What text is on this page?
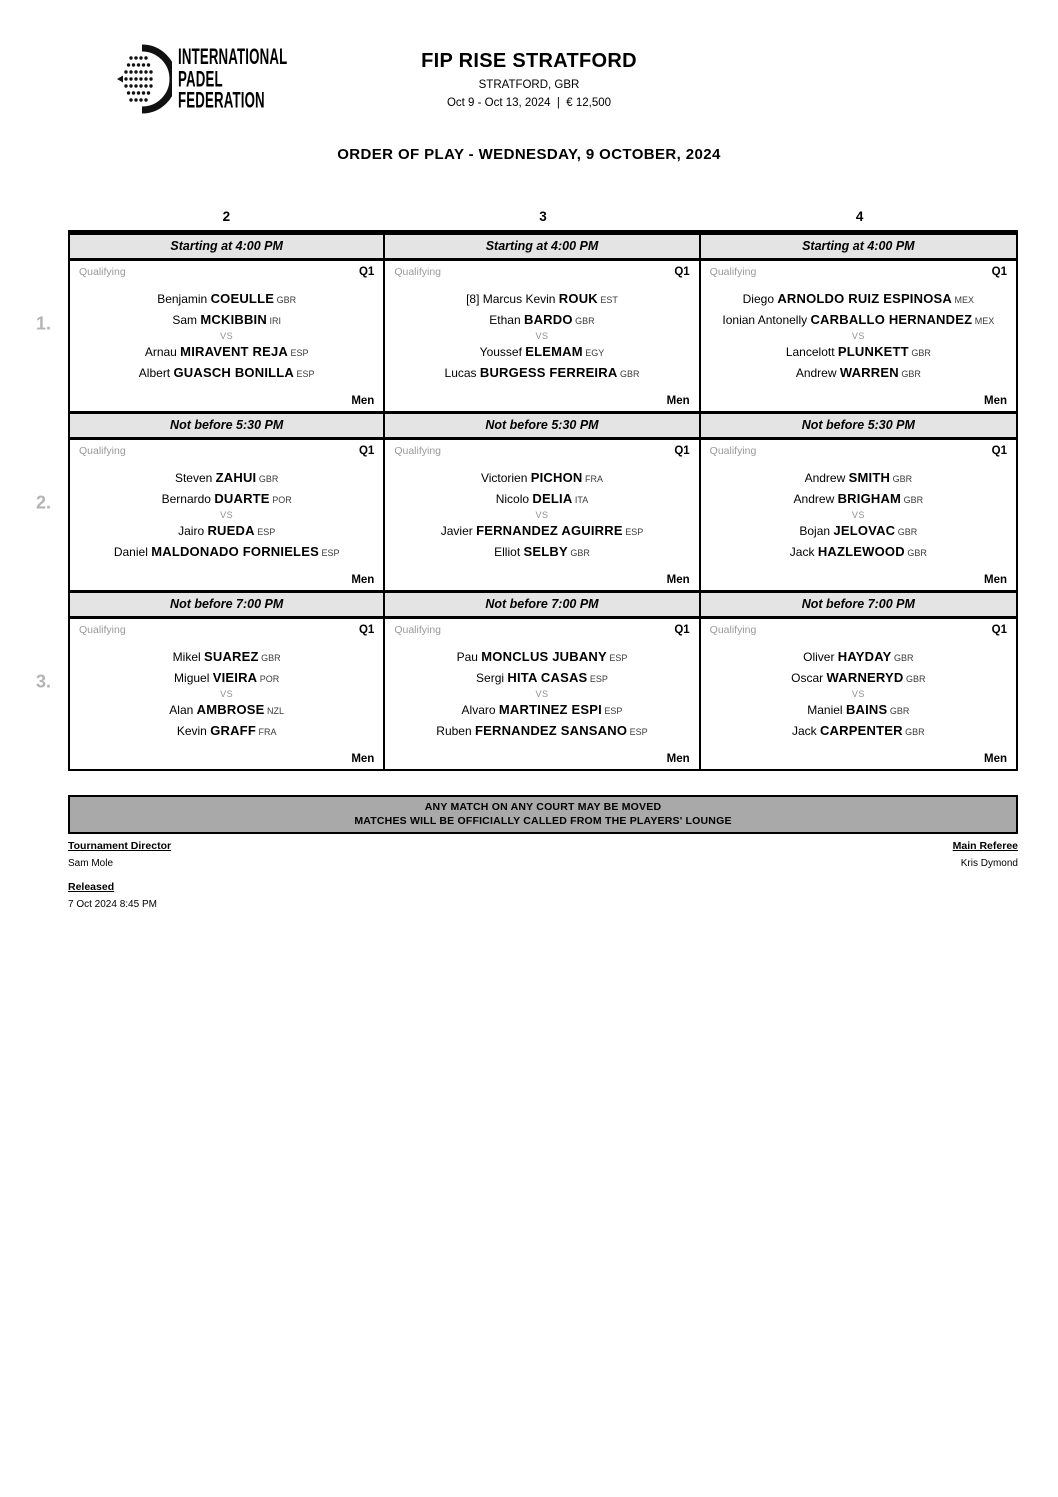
INTERNATIONAL
PADEL
FEDERATION
FIP RISE STRATFORD
STRATFORD, GBR
Oct 9 - Oct 13, 2024 | € 12,500
ORDER OF PLAY - WEDNESDAY, 9 OCTOBER, 2024
2	3	4
Starting at 4:00 PM	Starting at 4:00 PM	Starting at 4:00 PM
1.
Qualifying	Q1
Benjamin COEULLE GBR
Sam MCKIBBIN IRI
VS
Arnau MIRAVENT REJA ESP
Albert GUASCH BONILLA ESP
Men
Qualifying	Q1
[8] Marcus Kevin ROUK EST
Ethan BARDO GBR
VS
Youssef ELEMAM EGY
Lucas BURGESS FERREIRA GBR
Men
Qualifying	Q1
Diego ARNOLDO RUIZ ESPINOSA MEX
Ionian Antonelly CARBALLO HERNANDEZ MEX
VS
Lancelott PLUNKETT GBR
Andrew WARREN GBR
Men
Not before 5:30 PM	Not before 5:30 PM	Not before 5:30 PM
2.
Qualifying	Q1
Steven ZAHUI GBR
Bernardo DUARTE POR
VS
Jairo RUEDA ESP
Daniel MALDONADO FORNIELES ESP
Men
Qualifying	Q1
Victorien PICHON FRA
Nicolo DELIA ITA
VS
Javier FERNANDEZ AGUIRRE ESP
Elliot SELBY GBR
Men
Qualifying	Q1
Andrew SMITH GBR
Andrew BRIGHAM GBR
VS
Bojan JELOVAC GBR
Jack HAZLEWOOD GBR
Men
Not before 7:00 PM	Not before 7:00 PM	Not before 7:00 PM
3.
Qualifying	Q1
Mikel SUAREZ GBR
Miguel VIEIRA POR
VS
Alan AMBROSE NZL
Kevin GRAFF FRA
Men
Qualifying	Q1
Pau MONCLUS JUBANY ESP
Sergi HITA CASAS ESP
VS
Alvaro MARTINEZ ESPI ESP
Ruben FERNANDEZ SANSANO ESP
Men
Qualifying	Q1
Oliver HAYDAY GBR
Oscar WARNERYD GBR
VS
Maniel BAINS GBR
Jack CARPENTER GBR
Men
ANY MATCH ON ANY COURT MAY BE MOVED
MATCHES WILL BE OFFICIALLY CALLED FROM THE PLAYERS' LOUNGE
Tournament Director
Sam Mole
Main Referee
Kris Dymond
Released
7 Oct 2024 8:45 PM
